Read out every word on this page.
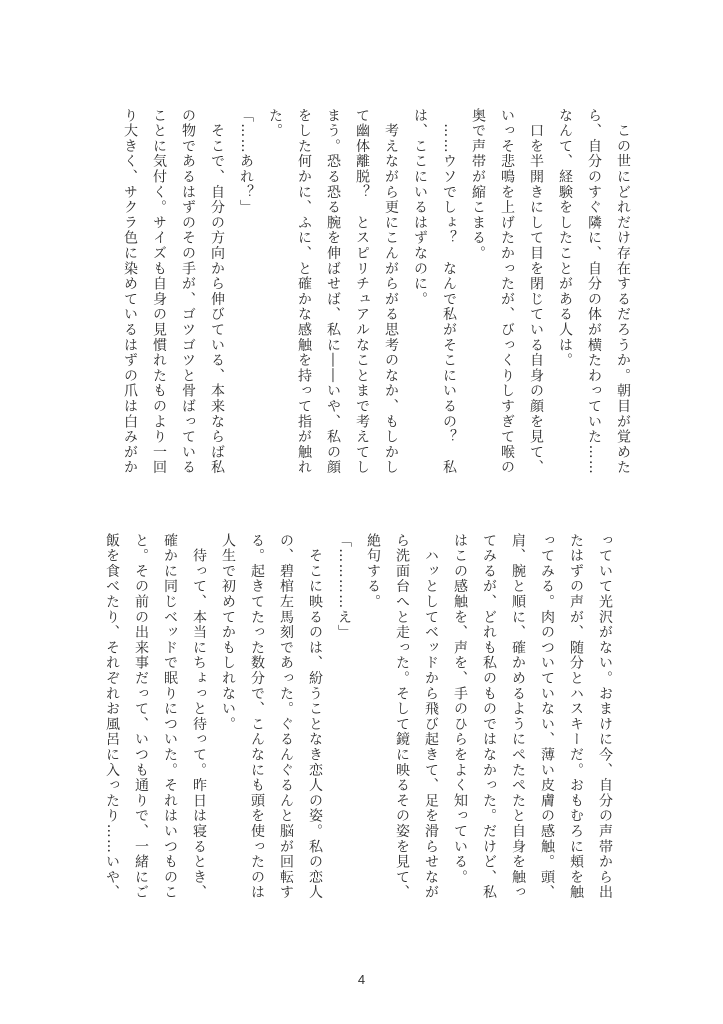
　この世にどれだけ存在するだろうか。朝目が覚めた
ら、自分のすぐ隣に、自分の体が横たわっていた……
なんて、経験をしたことがある人は。
　口を半開きにして目を閉じている自身の顔を見て、
いっそ悲鳴を上げたかったが、びっくりしすぎて喉の
奥で声帯が縮こまる。
　……ウソでしょ？　なんで私がそこにいるの？　私
は、ここにいるはずなのに。
　考えながら更にこんがらがる思考のなか、もしかし
て幽体離脱？　とスピリチュアルなことまで考えてし
まう。恐る恐る腕を伸ばせば、私に――いや、私の顔
をした何かに、ふに、と確かな感触を持って指が触れ
た。
「……あれ？」
　そこで、自分の方向から伸びている、本来ならば私
の物であるはずのその手が、ゴツゴツと骨ばっている
ことに気付く。サイズも自身の見慣れたものより一回
り大きく、サクラ色に染めているはずの爪は白みがか
っていて光沢がない。おまけに今、自分の声帯から出
たはずの声が、随分とハスキーだ。おもむろに頬を触
ってみる。肉のついていない、薄い皮膚の感触。頭、
肩、腕と順に、確かめるようにぺたぺたと自身を触っ
てみるが、どれも私のものではなかった。だけど、私
はこの感触を、声を、手のひらをよく知っている。
　ハッとしてベッドから飛び起きて、足を滑らせなが
ら洗面台へと走った。そして鏡に映るその姿を見て、
絶句する。
「…………え」
　そこに映るのは、紛うことなき恋人の姿。私の恋人
の、碧棺左馬刻であった。ぐるんぐるんと脳が回転す
る。起きてたった数分で、こんなにも頭を使ったのは
人生で初めてかもしれない。
　待って、本当にちょっと待って。昨日は寝るとき、
確かに同じベッドで眠りについた。それはいつものこ
と。その前の出来事だって、いつも通りで、一緒にご
飯を食べたり、それぞれお風呂に入ったり……いや、
4
